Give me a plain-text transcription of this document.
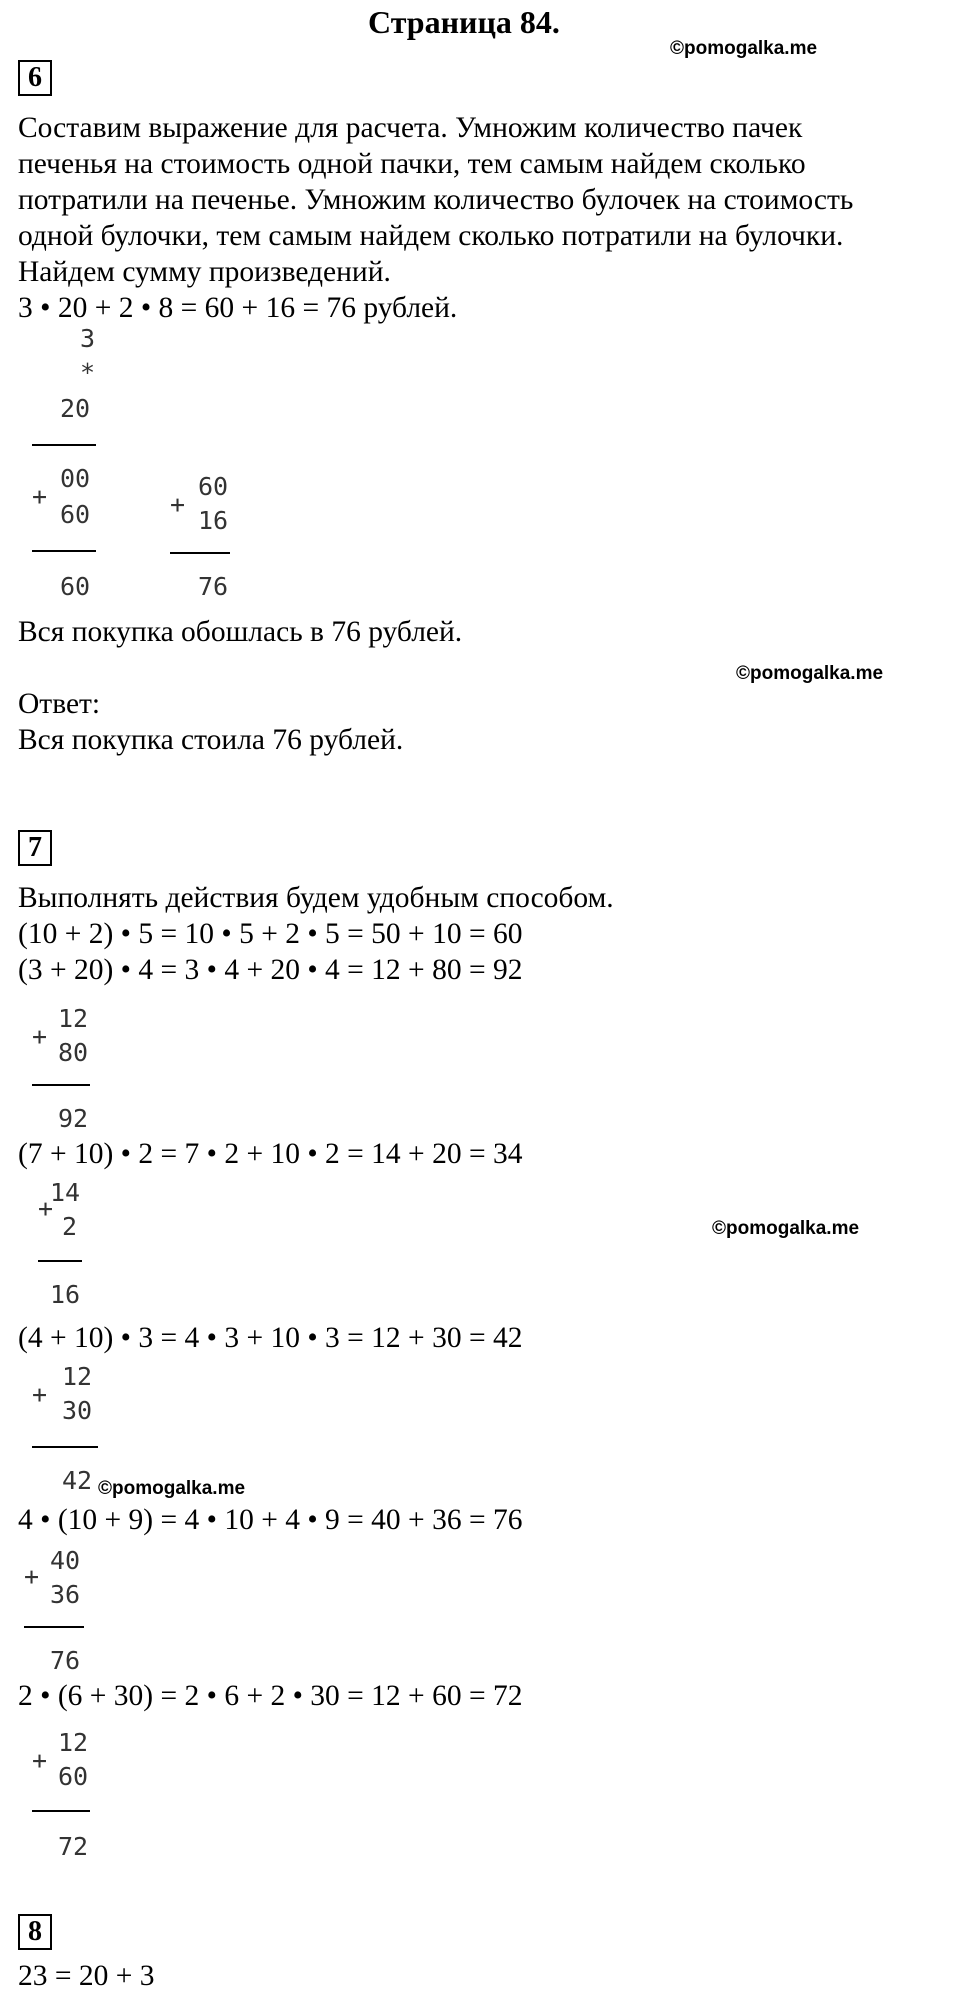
Страница 84.
©pomogalka.me
6
Составим выражение для расчета. Умножим количество пачек
печенья на стоимость одной пачки, тем самым найдем сколько
потратили на печенье. Умножим количество булочек на стоимость
одной булочки, тем самым найдем сколько потратили на булочки.
Найдем сумму произведений.
3 • 20 + 2 • 8 = 60 + 16 = 76 рублей.
3
*
20
+
00
60
60
+
60
16
76
Вся покупка обошлась в 76 рублей.
©pomogalka.me
Ответ:
Вся покупка стоила 76 рублей.
7
Выполнять действия будем удобным способом.
(10 + 2) • 5 = 10 • 5 + 2 • 5 = 50 + 10 = 60
(3 + 20) • 4 = 3 • 4 + 20 • 4 = 12 + 80 = 92
+
12
80
92
(7 + 10) • 2 = 7 • 2 + 10 • 2 = 14 + 20 = 34
+
14
2	©pomogalka.me
16
(4 + 10) • 3 = 4 • 3 + 10 • 3 = 12 + 30 = 42
+
12
30
42 ©pomogalka.me
4 • (10 + 9) = 4 • 10 + 4 • 9 = 40 + 36 = 76
+
40
36
76
2 • (6 + 30) = 2 • 6 + 2 • 30 = 12 + 60 = 72
+
12
60
72
8
23 = 20 + 3
